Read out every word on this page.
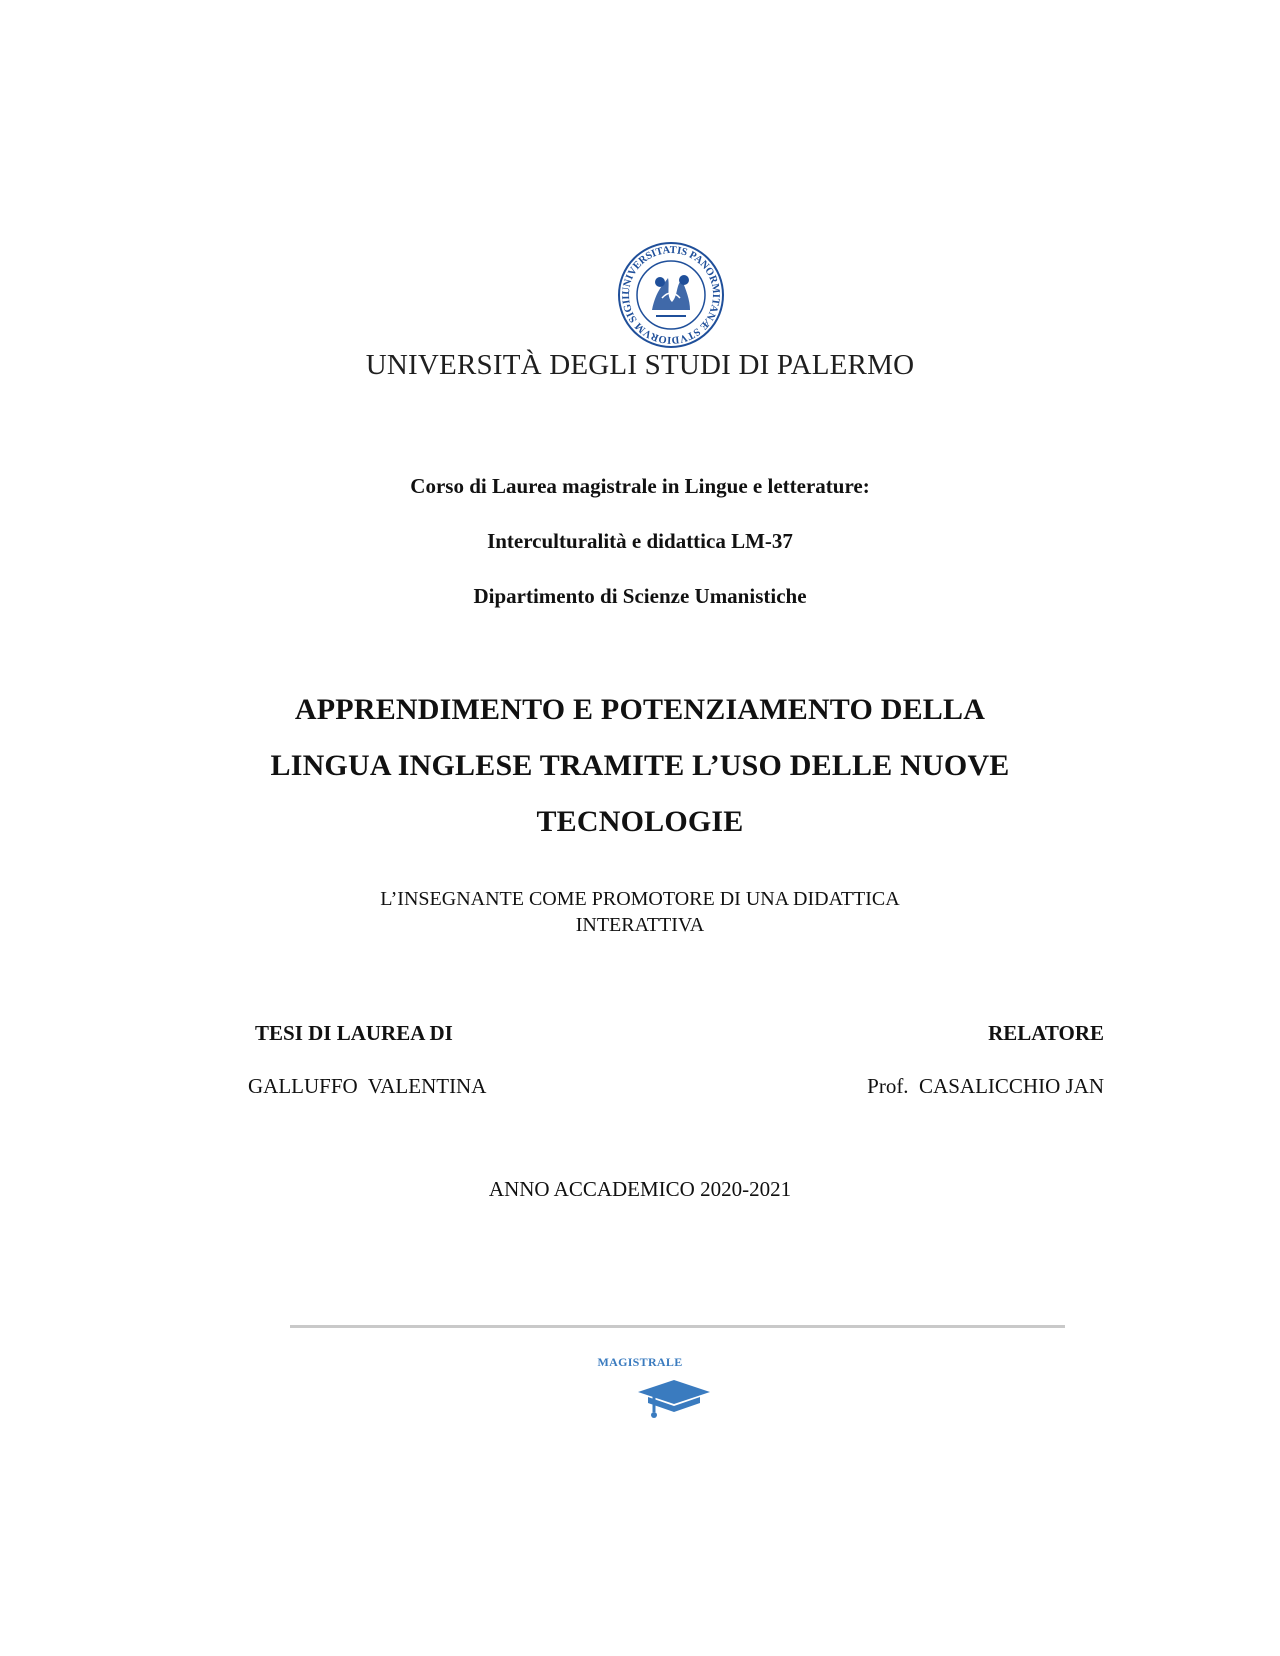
UNIVERSITATIS PANORMITANÆ STVDIORVM SIGIL
UNIVERSITÀ DEGLI STUDI DI PALERMO
Corso di Laurea magistrale in Lingue e letterature:
Interculturalità e didattica LM-37
Dipartimento di Scienze Umanistiche
APPRENDIMENTO E POTENZIAMENTO DELLA
LINGUA INGLESE TRAMITE L’USO DELLE NUOVE
TECNOLOGIE
L’INSEGNANTE COME PROMOTORE DI UNA DIDATTICA
INTERATTIVA
TESI DI LAUREA DI	RELATORE
GALLUFFO  VALENTINA	Prof.  CASALICCHIO JAN
ANNO ACCADEMICO 2020-2021
MAGISTRALE
